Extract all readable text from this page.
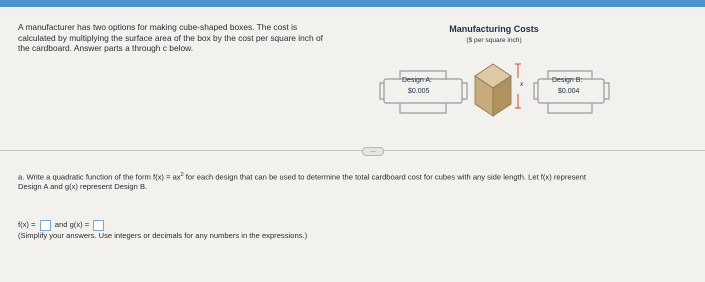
A manufacturer has two options for making cube-shaped boxes. The cost is
calculated by multiplying the surface area of the box by the cost per square inch of
the cardboard. Answer parts a through c below.
Manufacturing Costs
($ per square inch)
Design A:
$0.005
Design B:
$0.004
x
...
a. Write a quadratic function of the form $f(x) = ax^2$ for each design that can be used to determine the total cardboard cost for cubes with any side length. Let f(x) represent
Design A and g(x) represent Design B.
f(x) =	and g(x) =
(Simplify your answers. Use integers or decimals for any numbers in the expressions.)
